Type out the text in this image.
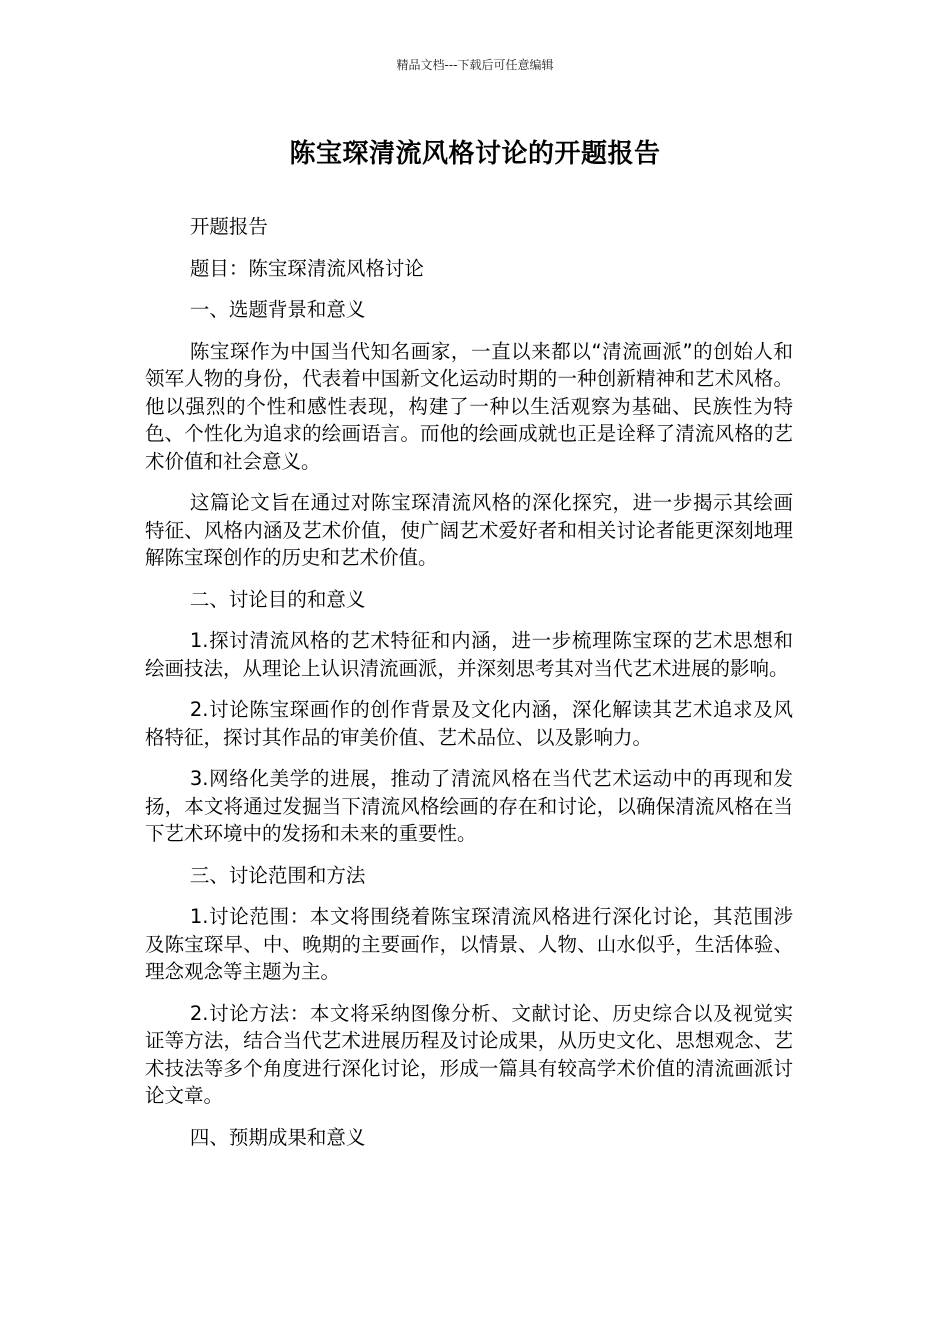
精品文档---下载后可任意编辑
陈宝琛清流风格讨论的开题报告

开题报告

题目：陈宝琛清流风格讨论

一、选题背景和意义

陈宝琛作为中国当代知名画家，一直以来都以“清流画派”的创始人和领军人物的身份，代表着中国新文化运动时期的一种创新精神和艺术风格。他以强烈的个性和感性表现，构建了一种以生活观察为基础、民族性为特色、个性化为追求的绘画语言。而他的绘画成就也正是诠释了清流风格的艺术价值和社会意义。

这篇论文旨在通过对陈宝琛清流风格的深化探究，进一步揭示其绘画特征、风格内涵及艺术价值，使广阔艺术爱好者和相关讨论者能更深刻地理解陈宝琛创作的历史和艺术价值。

二、讨论目的和意义

1.探讨清流风格的艺术特征和内涵，进一步梳理陈宝琛的艺术思想和绘画技法，从理论上认识清流画派，并深刻思考其对当代艺术进展的影响。

2.讨论陈宝琛画作的创作背景及文化内涵，深化解读其艺术追求及风格特征，探讨其作品的审美价值、艺术品位、以及影响力。

3.网络化美学的进展，推动了清流风格在当代艺术运动中的再现和发扬，本文将通过发掘当下清流风格绘画的存在和讨论，以确保清流风格在当下艺术环境中的发扬和未来的重要性。

三、讨论范围和方法

1.讨论范围：本文将围绕着陈宝琛清流风格进行深化讨论，其范围涉及陈宝琛早、中、晚期的主要画作，以情景、人物、山水似乎，生活体验、理念观念等主题为主。

2.讨论方法：本文将采纳图像分析、文献讨论、历史综合以及视觉实证等方法，结合当代艺术进展历程及讨论成果，从历史文化、思想观念、艺术技法等多个角度进行深化讨论，形成一篇具有较高学术价值的清流画派讨论文章。

四、预期成果和意义
